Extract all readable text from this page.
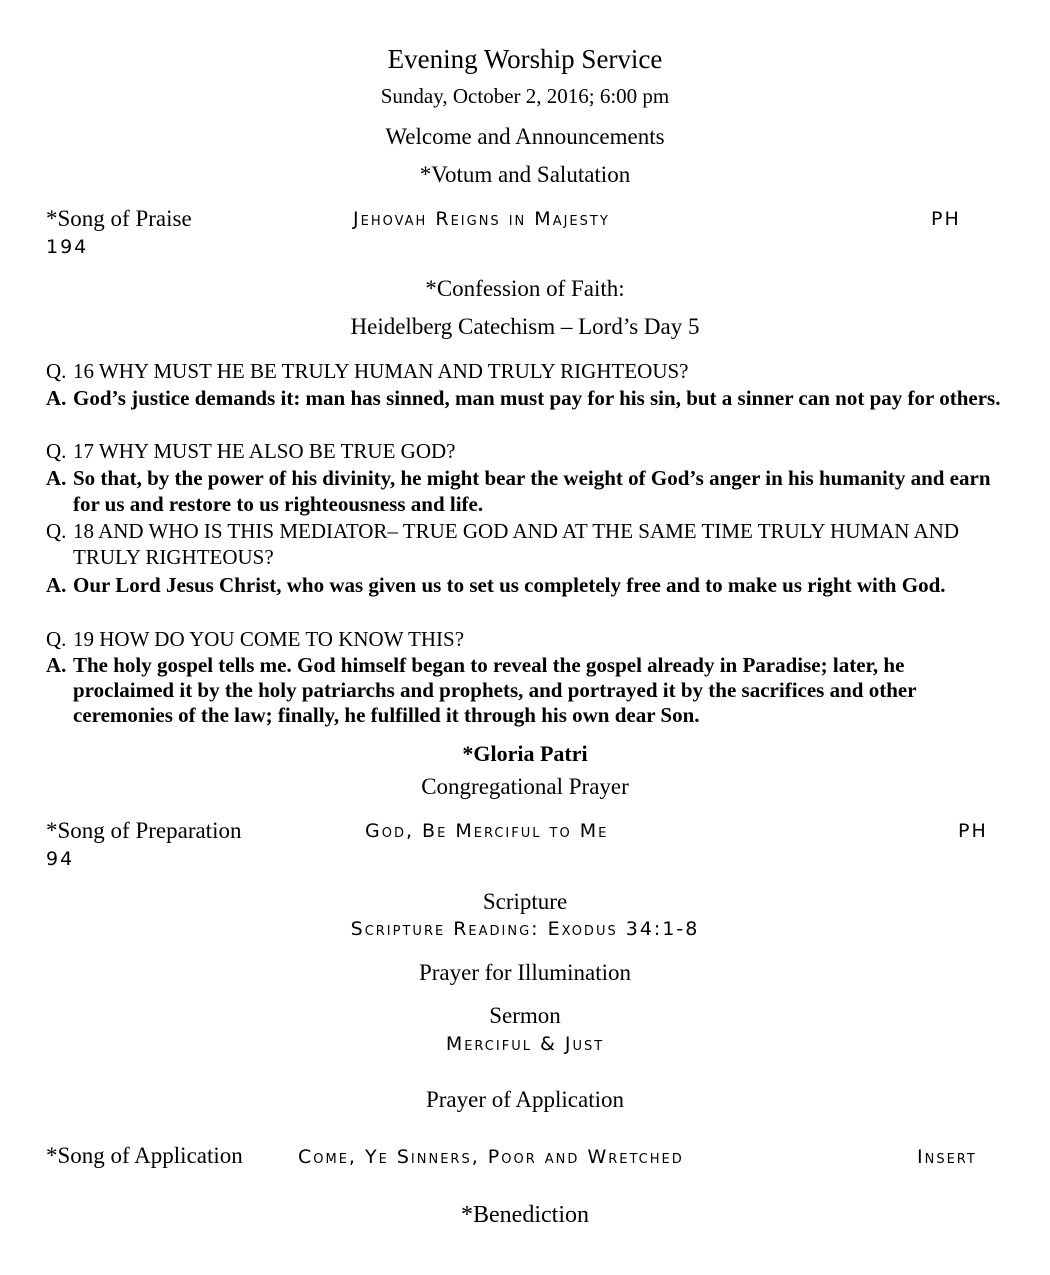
Evening Worship Service
Sunday, October 2, 2016; 6:00 pm
Welcome and Announcements
*Votum and Salutation
*Song of Praise	Jehovah Reigns in Majesty	PH
194
*Confession of Faith:
Heidelberg Catechism – Lord’s Day 5
Q. 16 WHY MUST HE BE TRULY HUMAN AND TRULY RIGHTEOUS?
A. God’s justice demands it: man has sinned, man must pay for his sin, but a sinner can not pay for others.
Q. 17 WHY MUST HE ALSO BE TRUE GOD?
A. So that, by the power of his divinity, he might bear the weight of God’s anger in his humanity and earn for us and restore to us righteousness and life.
Q. 18 AND WHO IS THIS MEDIATOR– TRUE GOD AND AT THE SAME TIME TRULY HUMAN AND TRULY RIGHTEOUS?
A. Our Lord Jesus Christ, who was given us to set us completely free and to make us right with God.
Q. 19 HOW DO YOU COME TO KNOW THIS?
A. The holy gospel tells me. God himself began to reveal the gospel already in Paradise; later, he proclaimed it by the holy patriarchs and prophets, and portrayed it by the sacrifices and other ceremonies of the law; finally, he fulfilled it through his own dear Son.
*Gloria Patri
Congregational Prayer
*Song of Preparation	God, Be Merciful to Me	PH
94
Scripture
Scripture Reading: Exodus 34:1-8
Prayer for Illumination
Sermon
Merciful & Just
Prayer of Application
*Song of Application	Come, Ye Sinners, Poor and Wretched	Insert
*Benediction
